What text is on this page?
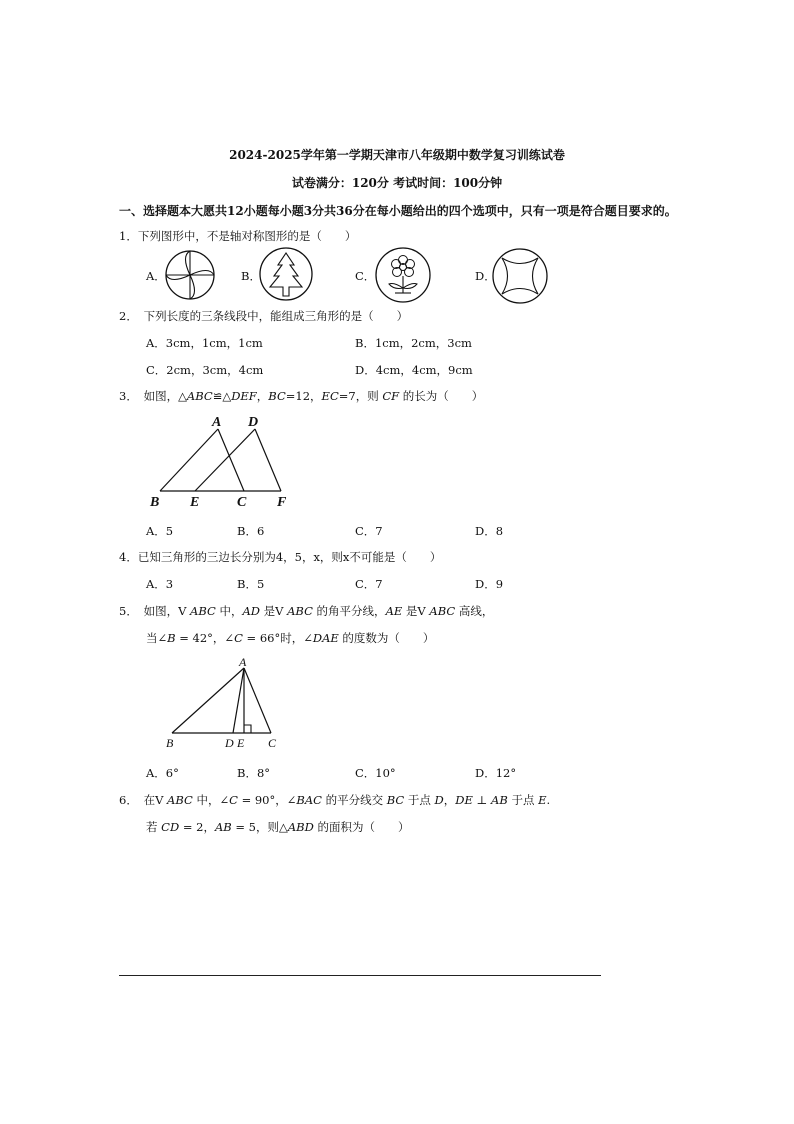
2024-2025学年第一学期天津市八年级期中数学复习训练试卷
试卷满分：120分 考试时间：100分钟
一、选择题本大愿共12小题每小题3分共36分在每小题给出的四个选项中，只有一项是符合题目要求的。
1．下列图形中，不是轴对称图形的是（　　）
A．	B．	C．	D．
2．　下列长度的三条线段中，能组成三角形的是（　　）
A．3cm，1cm，1cm	B．1cm，2cm，3cm
C．2cm，3cm，4cm	D．4cm，4cm，9cm
3．　如图，△ABC≌△DEF，BC=12，EC=7，则 CF 的长为（　　）
A D
B E	C F
A．5	B．6	C．7	D．8
4．已知三角形的三边长分别为4，5，x，则x不可能是（　　）
A．3	B．5	C．7	D．9
5．　如图，V ABC 中，AD 是V ABC 的角平分线，AE 是V ABC 高线，
当∠B = 42°，∠C = 66°时，∠DAE 的度数为（　　）
A
B	D E C
A．6°	B．8°	C．10°	D．12°
6．　在V ABC 中，∠C = 90°，∠BAC 的平分线交 BC 于点 D，DE ⊥ AB 于点 E.
若 CD = 2，AB = 5，则△ABD 的面积为（　　）
